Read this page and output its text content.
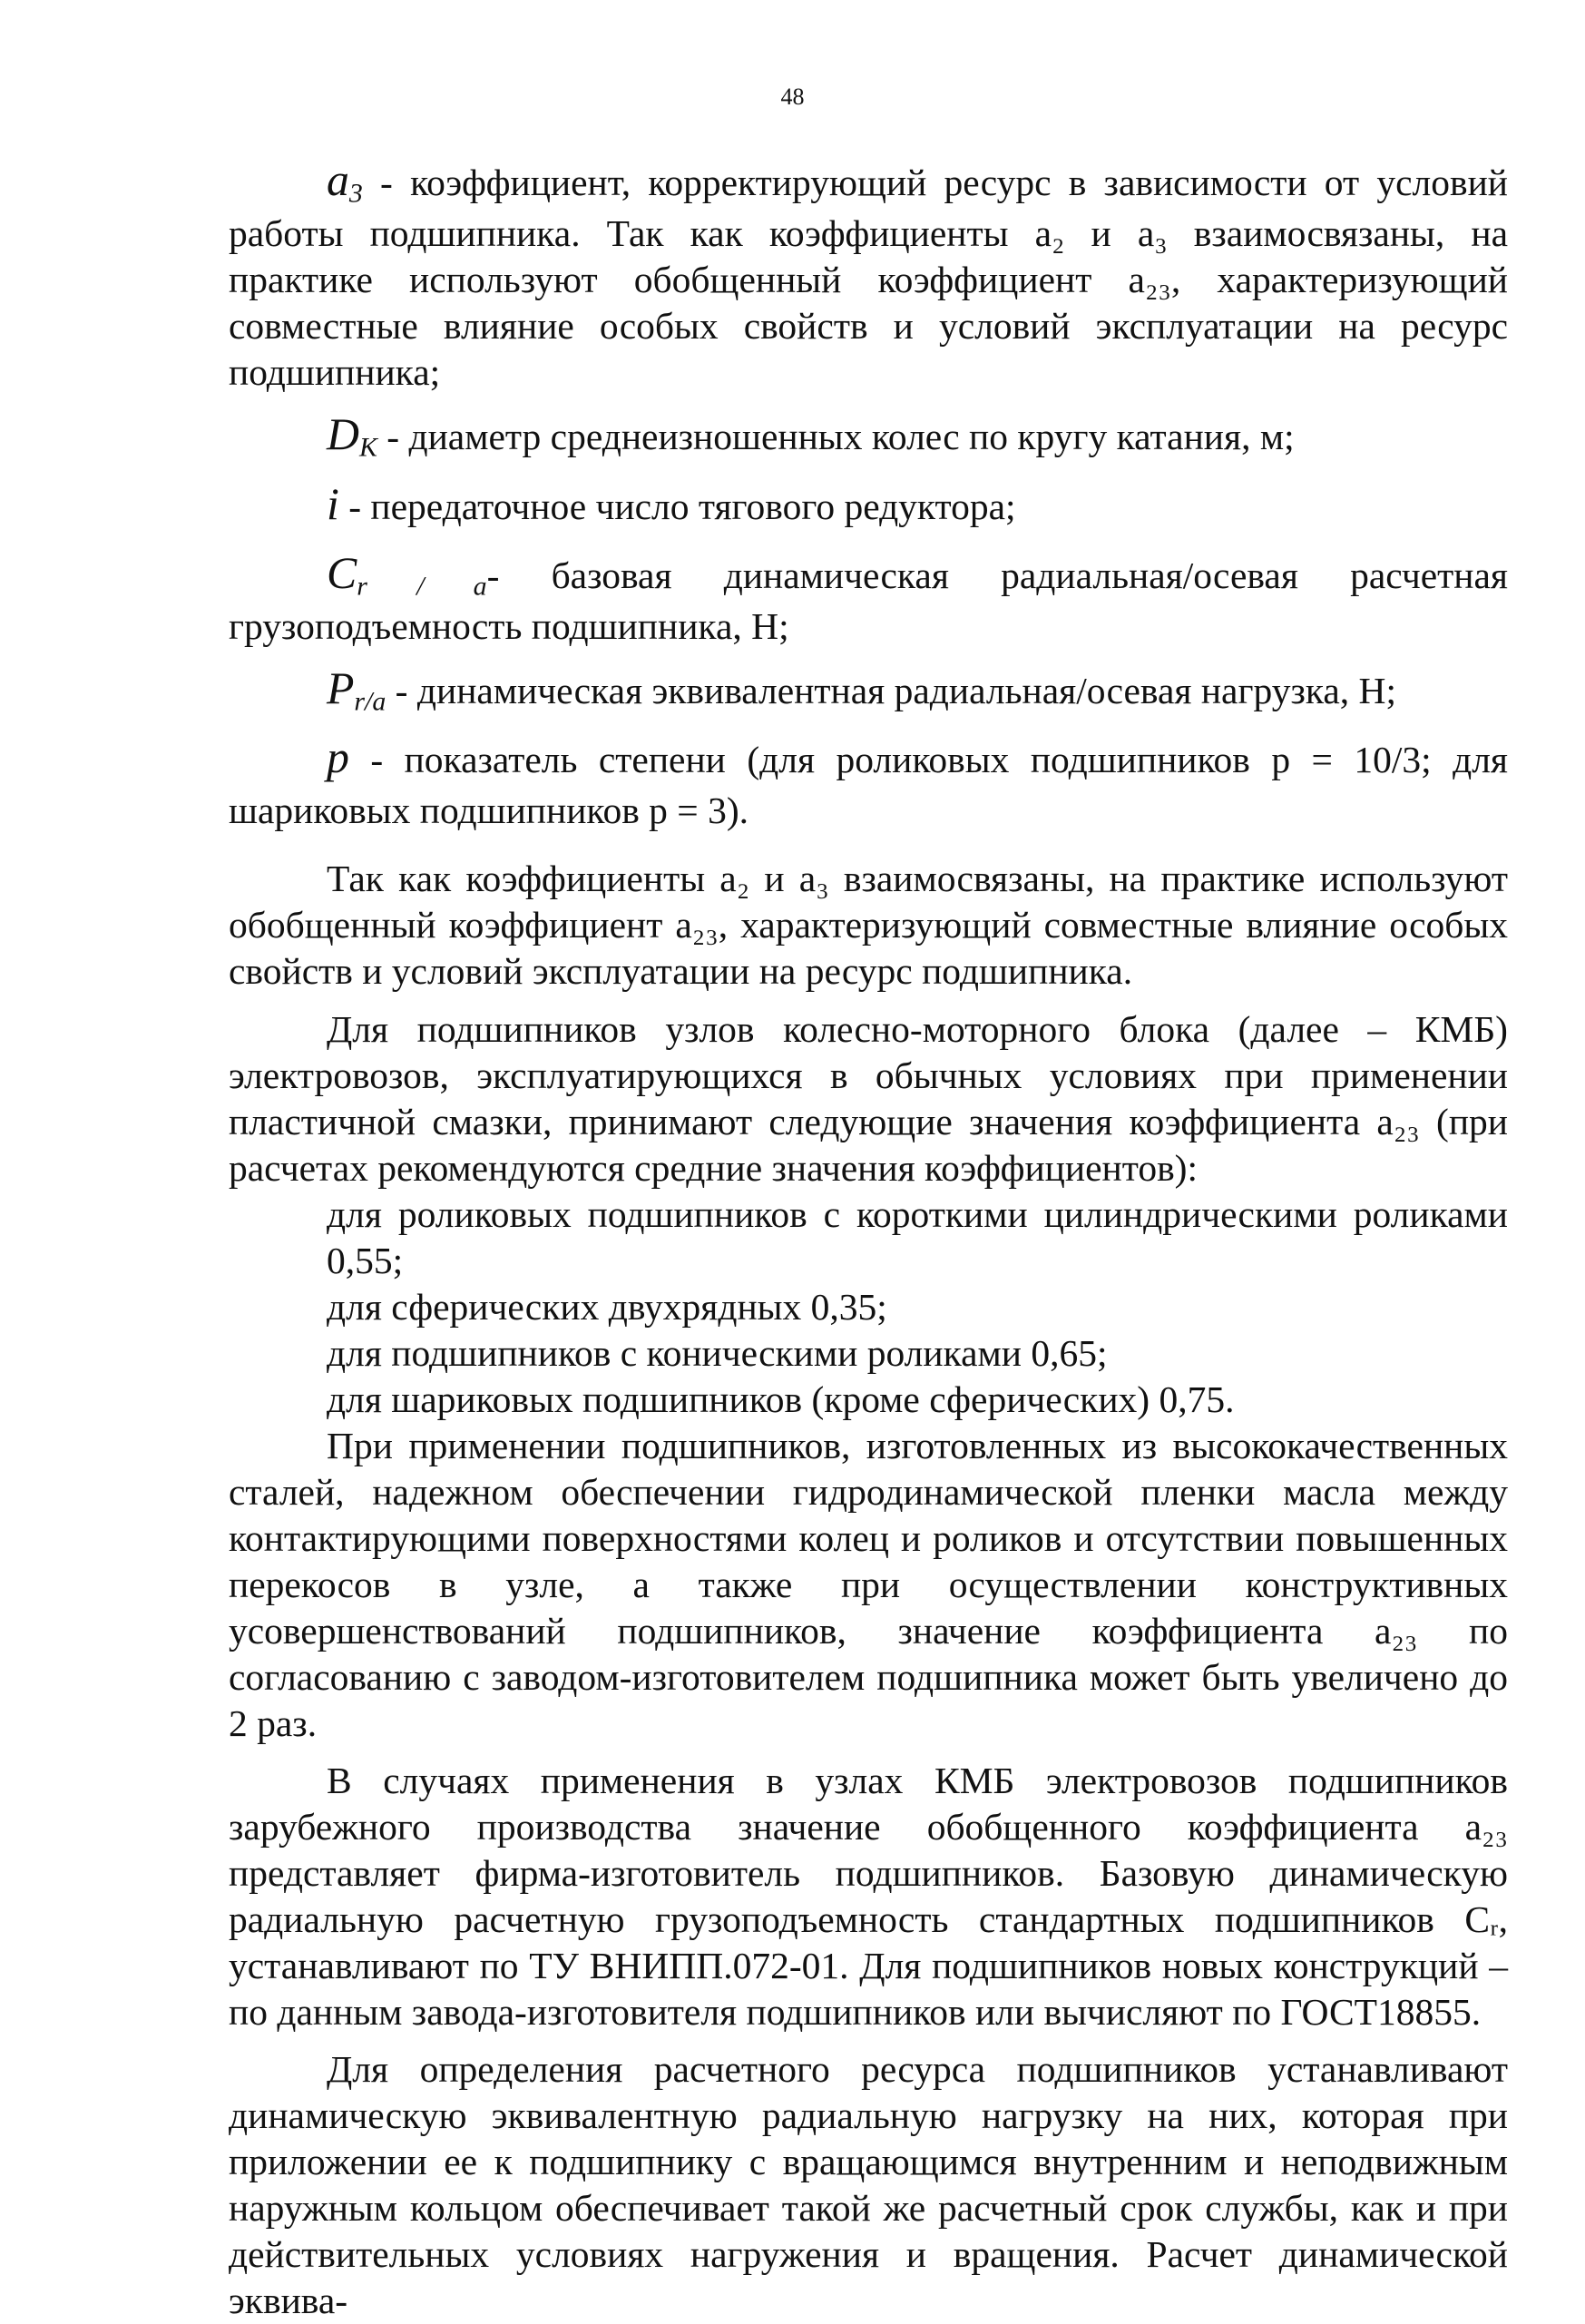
48

$a_3$ - коэффициент, корректирующий ресурс в зависимости от условий работы подшипника. Так как коэффициенты a₂ и a₃ взаимосвязаны, на практике используют обобщенный коэффициент a₂₃, характеризующий совместные влияние особых свойств и условий эксплуатации на ресурс подшипника;

$D_K$ - диаметр среднеизношенных колес по кругу катания, м;

i - передаточное число тягового редуктора;

$C_{r / a}-$ базовая динамическая радиальная/осевая расчетная грузоподъемность подшипника, Н;

$P_{r/a}$ - динамическая эквивалентная радиальная/осевая нагрузка, Н;

p - показатель степени (для роликовых подшипников p = 10/3; для шариковых подшипников p = 3).

Так как коэффициенты a₂ и a₃ взаимосвязаны, на практике используют обобщенный коэффициент a₂₃, характеризующий совместные влияние особых свойств и условий эксплуатации на ресурс подшипника.

Для подшипников узлов колесно-моторного блока (далее – КМБ) электровозов, эксплуатирующихся в обычных условиях при применении пластичной смазки, принимают следующие значения коэффициента a₂₃ (при расчетах рекомендуются средние значения коэффициентов):

для роликовых подшипников с короткими цилиндрическими роликами 0,55;

для сферических двухрядных 0,35;

для подшипников с коническими роликами 0,65;

для шариковых подшипников (кроме сферических) 0,75.

При применении подшипников, изготовленных из высококачественных сталей, надежном обеспечении гидродинамической пленки масла между контактирующими поверхностями колец и роликов и отсутствии повышенных перекосов в узле, а также при осуществлении конструктивных усовершенствований подшипников, значение коэффициента a₂₃ по согласованию с заводом-изготовителем подшипника может быть увеличено до 2 раз.

В случаях применения в узлах КМБ электровозов подшипников зарубежного производства значение обобщенного коэффициента a₂₃ представляет фирма-изготовитель подшипников. Базовую динамическую радиальную расчетную грузоподъемность стандартных подшипников Cᵣ, устанавливают по ТУ ВНИПП.072-01. Для подшипников новых конструкций – по данным завода-изготовителя подшипников или вычисляют по ГОСТ18855.

Для определения расчетного ресурса подшипников устанавливают динамическую эквивалентную радиальную нагрузку на них, которая при приложении ее к подшипнику с вращающимся внутренним и неподвижным наружным кольцом обеспечивает такой же расчетный срок службы, как и при действительных условиях нагружения и вращения. Расчет динамической эквива-
